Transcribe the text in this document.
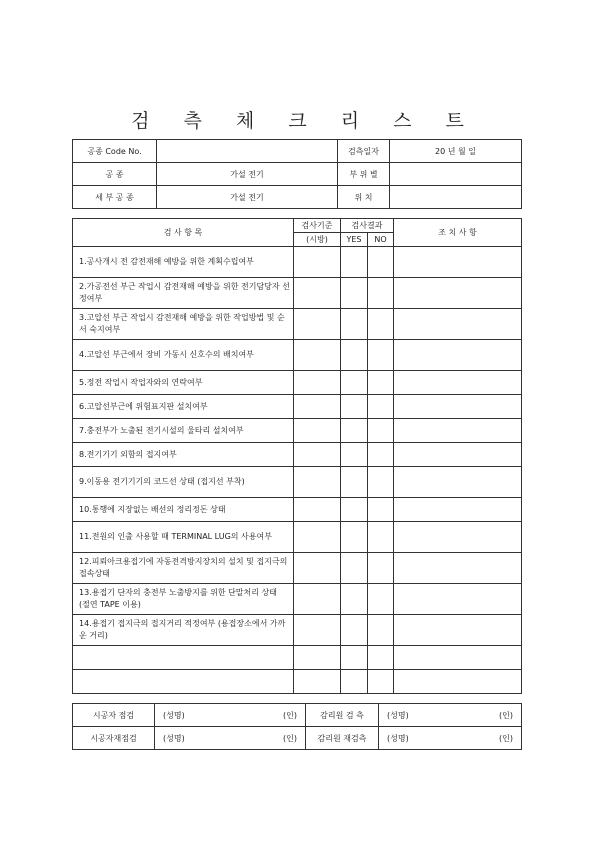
검 측 체 크 리 스 트
공종 Code No.		검측일자	20 년 월 일
공 종	가설 전기	부 위 별	
세 부 공 종	가설 전기	위 치	
검 사 항 목	검사기준	검사결과		조 치 사 항
	(시방)	YES	NO	
1.공사개시 전 감전재해 예방을 위한 계획수립여부				
2.가공전선 부근 작업시 감전재해 예방을 위한 전기담당자 선정여부				
3.고압선 부근 작업시 감전재해 예방을 위한 작업방법 및 순서 숙지여부				
4.고압선 부근에서 장비 가동시 신호수의 배치여부				
5.정전 작업시 작업자와의 연락여부				
6.고압선부근에 위험표지판 설치여부				
7.충전부가 노출된 전기시설의 울타리 설치여부				
8.전기기기 외함의 접지여부				
9.이동용 전기기기의 코드선 상태 (접지선 부착)				
10.통행에 지장없는 배선의 정리정돈 상태				
11.전원의 인출 사용할 때 TERMINAL LUG의 사용여부				
12.피뢰아크용접기에 자동전격방지장치의 설치 및 접지극의 접속상태				
13.용접기 단자의 충전부 노출방지를 위한 단말처리 상태 (절연 TAPE 이용)				
14.용접기 접지극의 접지거리 적정여부 (용접장소에서 가까운 거리)				

시공자 점검	(성명) (인)	감리원 검 측	(성명) (인)

시공자재점검	(성명) (인)	감리원 재검측	(성명) (인)
